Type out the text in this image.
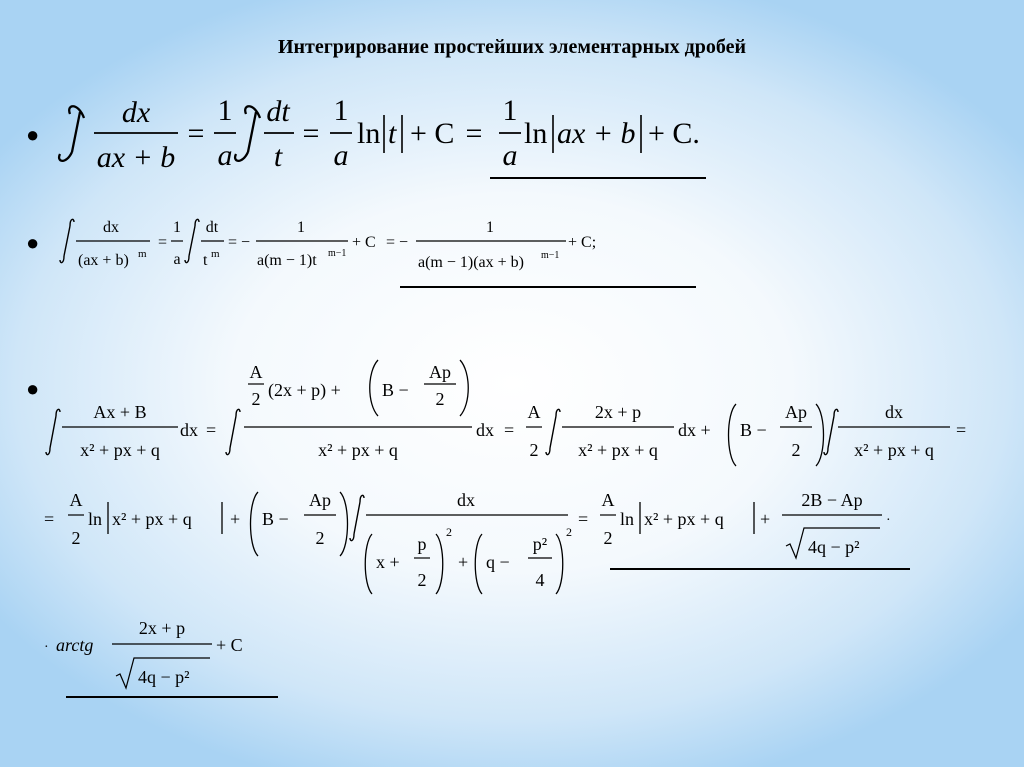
Интегрирование простейших элементарных дробей
●
●
●
dx
ax + b
=
1
a
dt
t
=
1
a
ln t + C =
1
a
ln ax + b + C.
dx
(ax + b) m
=
1
a
dt
t m
= −
1
a(m − 1)t m−1
+ C = −
1
a(m − 1)(ax + b) m−1
+ C;
Ax + B
x² + px + q
dx =
A
2 (2x + p) + B −
Ap
2
x² + px + q
dx =
A
2
2x + p
x² + px + q
dx + B −
Ap
2
dx
x² + px + q
=
=
A
2
ln x² + px + q + B −
Ap
2
dx
x +
p
2
2
+ q −
p²
4
2
=
A
2
ln x² + px + q +
2B − Ap
4q − p²
·
· arctg
2x + p
4q − p²
+ C
